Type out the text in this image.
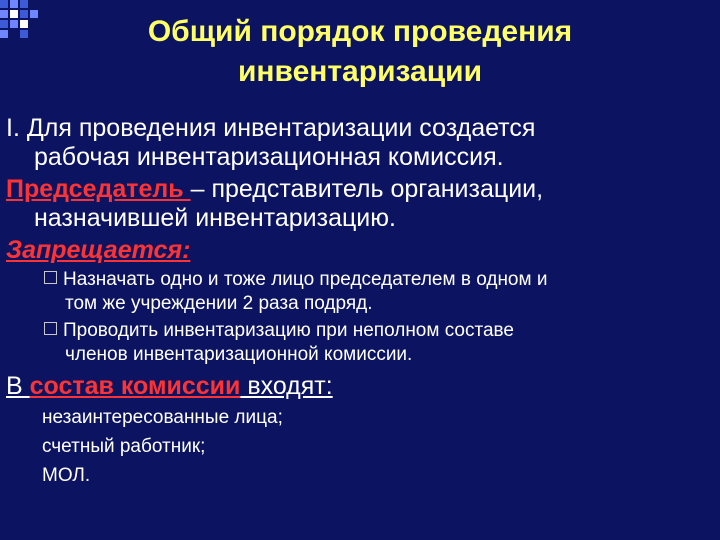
Общий порядок проведения
инвентаризации
I. Для проведения инвентаризации создается
рабочая инвентаризационная комиссия.
Председатель – представитель организации,
назначившей инвентаризацию.
Запрещается:
Назначать одно и тоже лицо председателем в одном и
том же учреждении 2 раза подряд.
Проводить инвентаризацию при неполном составе
членов инвентаризационной комиссии.
В состав комиссии входят:
незаинтересованные лица;
счетный работник;
МОЛ.
